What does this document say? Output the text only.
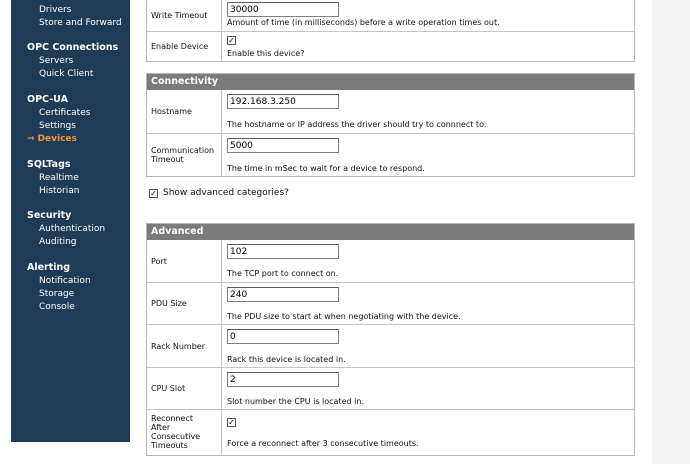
Drivers
Store and Forward
OPC Connections
Servers
Quick Client
OPC-UA
Certificates
Settings
→ Devices
SQLTags
Realtime
Historian
Security
Authentication
Auditing
Alerting
Notification
Storage
Console
Write Timeout
30000
Amount of time (in milliseconds) before a write operation times out.
Enable Device
✓
Enable this device?
Connectivity
Hostname
192.168.3.250
The hostname or IP address the driver should try to connnect to.
Communication
Timeout
5000
The time in mSec to wait for a device to respond.
✓ Show advanced categories?
Advanced
Port
102
The TCP port to connect on.
PDU Size
240
The PDU size to start at when negotiating with the device.
Rack Number
0
Rack this device is located in.
CPU Slot
2
Slot number the CPU is located in.
Reconnect
After
Consecutive
Timeouts
✓
Force a reconnect after 3 consecutive timeouts.
